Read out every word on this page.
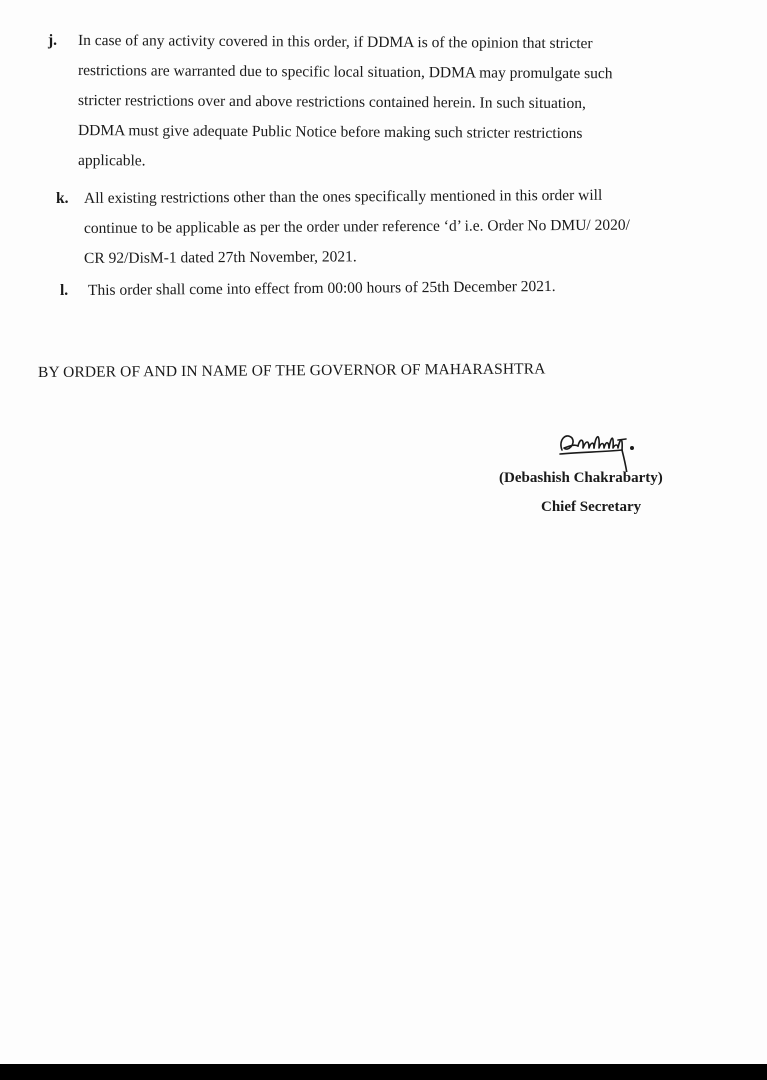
j. In case of any activity covered in this order, if DDMA is of the opinion that stricter
restrictions are warranted due to specific local situation, DDMA may promulgate such
stricter restrictions over and above restrictions contained herein. In such situation,
DDMA must give adequate Public Notice before making such stricter restrictions
applicable.
k. All existing restrictions other than the ones specifically mentioned in this order will
continue to be applicable as per the order under reference ‘d’ i.e. Order No DMU/ 2020/
CR 92/DisM-1 dated 27th November, 2021.
l. This order shall come into effect from 00:00 hours of 25th December 2021.
BY ORDER OF AND IN NAME OF THE GOVERNOR OF MAHARASHTRA
(Debashish Chakrabarty)
Chief Secretary
